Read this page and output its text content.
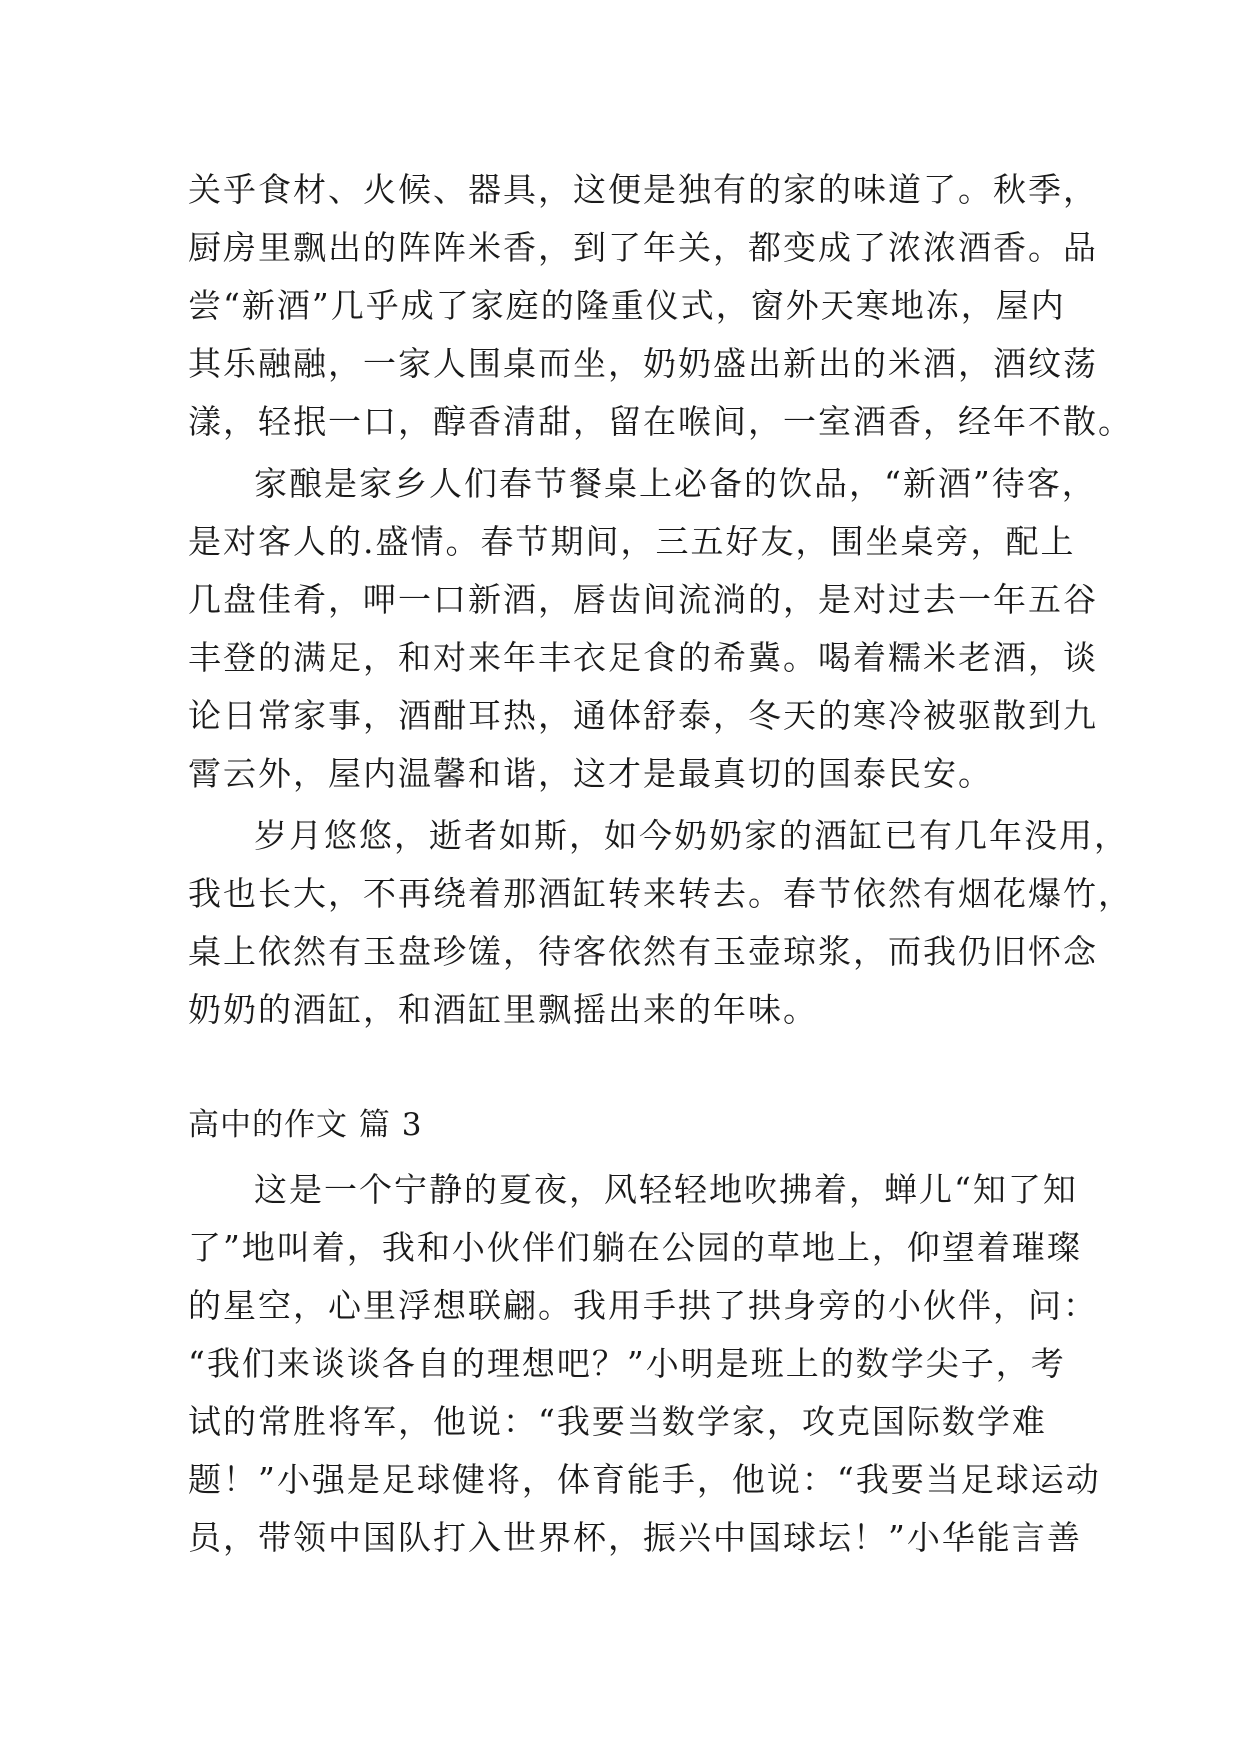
关乎食材、火候、器具，这便是独有的家的味道了。秋季，
厨房里飘出的阵阵米香，到了年关，都变成了浓浓酒香。品
尝“新酒”几乎成了家庭的隆重仪式，窗外天寒地冻，屋内
其乐融融，一家人围桌而坐，奶奶盛出新出的米酒，酒纹荡
漾，轻抿一口，醇香清甜，留在喉间，一室酒香，经年不散。
家酿是家乡人们春节餐桌上必备的饮品，“新酒”待客，
是对客人的.盛情。春节期间，三五好友，围坐桌旁，配上
几盘佳肴，呷一口新酒，唇齿间流淌的，是对过去一年五谷
丰登的满足，和对来年丰衣足食的希冀。喝着糯米老酒，谈
论日常家事，酒酣耳热，通体舒泰，冬天的寒冷被驱散到九
霄云外，屋内温馨和谐，这才是最真切的国泰民安。
岁月悠悠，逝者如斯，如今奶奶家的酒缸已有几年没用，
我也长大，不再绕着那酒缸转来转去。春节依然有烟花爆竹，
桌上依然有玉盘珍馐，待客依然有玉壶琼浆，而我仍旧怀念
奶奶的酒缸，和酒缸里飘摇出来的年味。
高中的作文 篇 3
这是一个宁静的夏夜，风轻轻地吹拂着，蝉儿“知了知
了”地叫着，我和小伙伴们躺在公园的草地上，仰望着璀璨
的星空，心里浮想联翩。我用手拱了拱身旁的小伙伴，问：
“我们来谈谈各自的理想吧？”小明是班上的数学尖子，考
试的常胜将军，他说：“我要当数学家，攻克国际数学难
题！”小强是足球健将，体育能手，他说：“我要当足球运动
员，带领中国队打入世界杯，振兴中国球坛！”小华能言善
